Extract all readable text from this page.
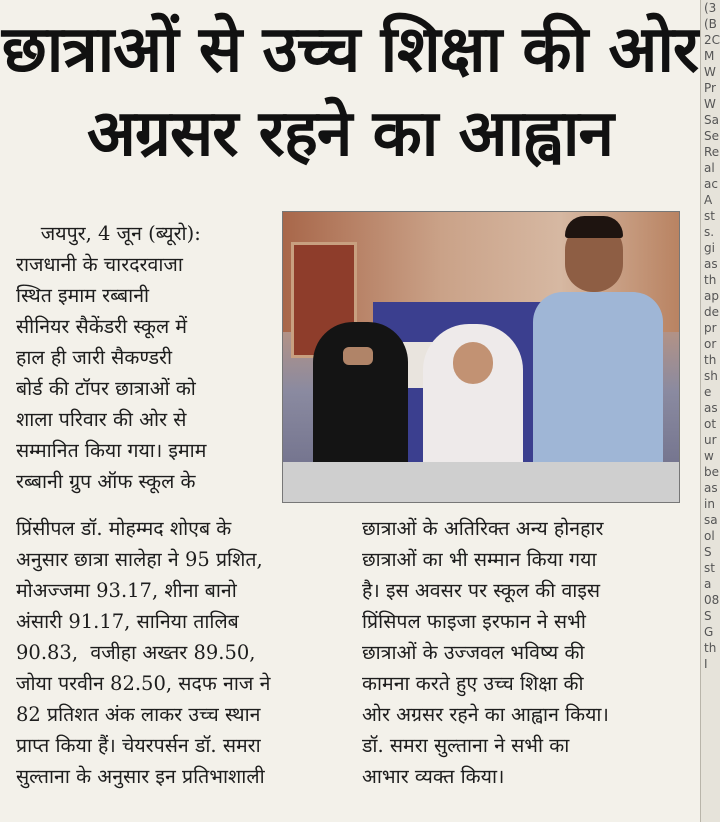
छात्राओं से उच्च शिक्षा की ओर
अग्रसर रहने का आह्वान
जयपुर, 4 जून (ब्यूरो):
राजधानी के चारदरवाजा
स्थित इमाम रब्बानी
सीनियर सैकेंडरी स्कूल में
हाल ही जारी सैकण्डरी
बोर्ड की टॉपर छात्राओं को
शाला परिवार की ओर से
सम्मानित किया गया। इमाम
रब्बानी ग्रुप ऑफ स्कूल के
प्रिंसीपल डॉ. मोहम्मद शोएब के
अनुसार छात्रा सालेहा ने 95 प्रशित,
मोअज्जमा 93.17, शीना बानो
अंसारी 91.17, सानिया तालिब
90.83,  वजीहा अख्तर 89.50,
जोया परवीन 82.50, सदफ नाज ने
82 प्रतिशत अंक लाकर उच्च स्थान
प्राप्त किया हैं। चेयरपर्सन डॉ. समरा
सुल्ताना के अनुसार इन प्रतिभाशाली
छात्राओं के अतिरिक्त अन्य होनहार
छात्राओं का भी सम्मान किया गया
है। इस अवसर पर स्कूल की वाइस
प्रिंसिपल फाइजा इरफान ने सभी
छात्राओं के उज्जवल भविष्य की
कामना करते हुए उच्च शिक्षा की
ओर अग्रसर रहने का आह्वान किया।
डॉ. समरा सुल्ताना ने सभी का
आभार व्यक्त किया।
(3
(B
2C
M
W
Pr
W
Sa
Se
Re
al
ac
A
st
s.
gi
as
th
ap
de
pr
or
th
sh
e
as
ot
ur
w
be
as
in
sa
ol
S
st
a
08
S
G
th
I
